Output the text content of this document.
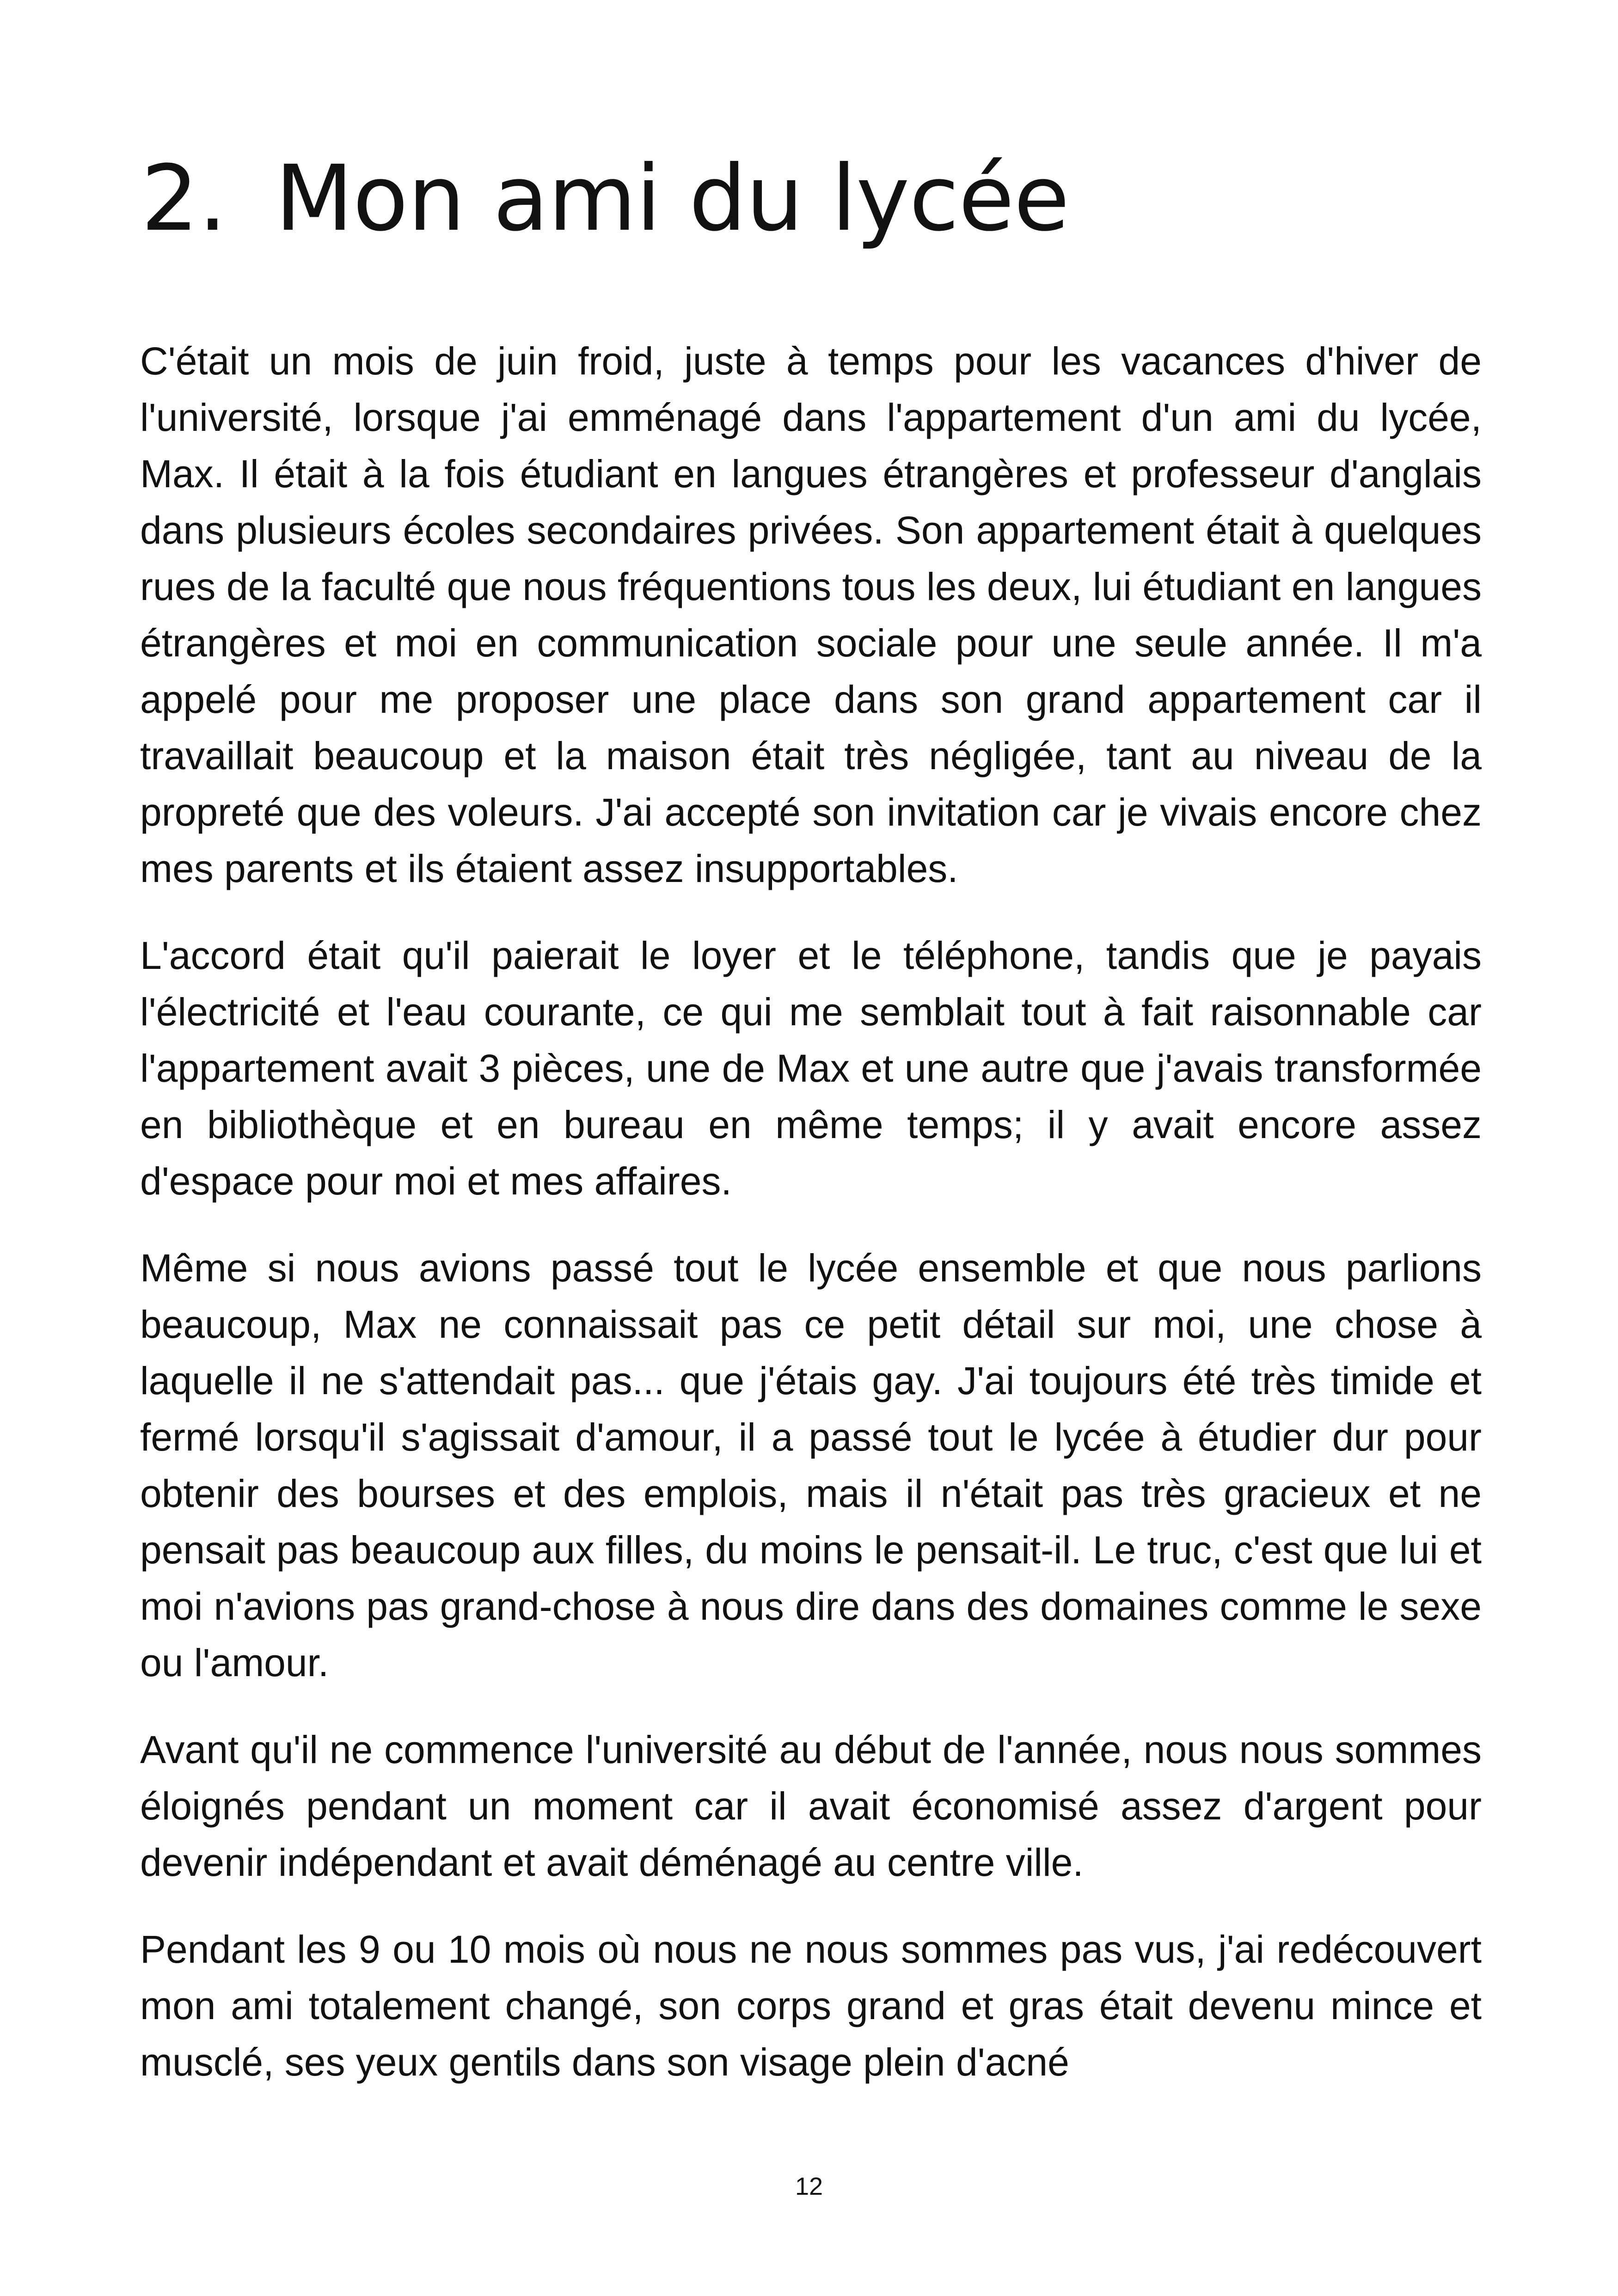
2. Mon ami du lycée

C'était un mois de juin froid, juste à temps pour les vacances d'hiver de l'université, lorsque j'ai emménagé dans l'appartement d'un ami du lycée, Max. Il était à la fois étudiant en langues étrangères et professeur d'anglais dans plusieurs écoles secondaires privées. Son appartement était à quelques rues de la faculté que nous fréquentions tous les deux, lui étudiant en langues étrangères et moi en communication sociale pour une seule année. Il m'a appelé pour me proposer une place dans son grand appartement car il travaillait beaucoup et la maison était très négligée, tant au niveau de la propreté que des voleurs. J'ai accepté son invitation car je vivais encore chez mes parents et ils étaient assez insupportables.

L'accord était qu'il paierait le loyer et le téléphone, tandis que je payais l'électricité et l'eau courante, ce qui me semblait tout à fait raisonnable car l'appartement avait 3 pièces, une de Max et une autre que j'avais transformée en bibliothèque et en bureau en même temps; il y avait encore assez d'espace pour moi et mes affaires.

Même si nous avions passé tout le lycée ensemble et que nous parlions beaucoup, Max ne connaissait pas ce petit détail sur moi, une chose à laquelle il ne s'attendait pas... que j'étais gay. J'ai toujours été très timide et fermé lorsqu'il s'agissait d'amour, il a passé tout le lycée à étudier dur pour obtenir des bourses et des emplois, mais il n'était pas très gracieux et ne pensait pas beaucoup aux filles, du moins le pensait-il. Le truc, c'est que lui et moi n'avions pas grand-chose à nous dire dans des domaines comme le sexe ou l'amour.

Avant qu'il ne commence l'université au début de l'année, nous nous sommes éloignés pendant un moment car il avait économisé assez d'argent pour devenir indépendant et avait déménagé au centre ville.

Pendant les 9 ou 10 mois où nous ne nous sommes pas vus, j'ai redécouvert mon ami totalement changé, son corps grand et gras était devenu mince et musclé, ses yeux gentils dans son visage plein d'acné

12
